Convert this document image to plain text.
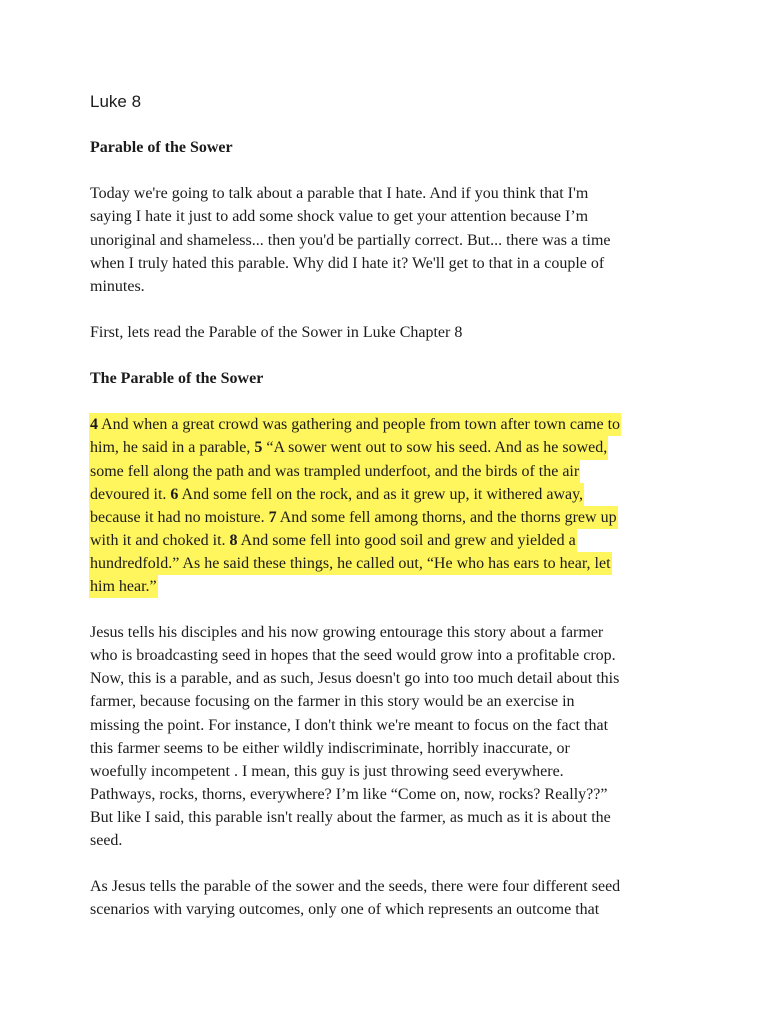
Luke 8
Parable of the Sower
Today we're going to talk about a parable that I hate. And if you think that I'm
saying I hate it just to add some shock value to get your attention because I’m
unoriginal and shameless... then you'd be partially correct. But... there was a time
when I truly hated this parable. Why did I hate it? We'll get to that in a couple of
minutes.
First, lets read the Parable of the Sower in Luke Chapter 8
The Parable of the Sower
4 And when a great crowd was gathering and people from town after town came to
him, he said in a parable, 5 “A sower went out to sow his seed. And as he sowed,
some fell along the path and was trampled underfoot, and the birds of the air
devoured it. 6 And some fell on the rock, and as it grew up, it withered away,
because it had no moisture. 7 And some fell among thorns, and the thorns grew up
with it and choked it. 8 And some fell into good soil and grew and yielded a
hundredfold.” As he said these things, he called out, “He who has ears to hear, let
him hear.”
Jesus tells his disciples and his now growing entourage this story about a farmer
who is broadcasting seed in hopes that the seed would grow into a profitable crop.
Now, this is a parable, and as such, Jesus doesn't go into too much detail about this
farmer, because focusing on the farmer in this story would be an exercise in
missing the point. For instance, I don't think we're meant to focus on the fact that
this farmer seems to be either wildly indiscriminate, horribly inaccurate, or
woefully incompetent . I mean, this guy is just throwing seed everywhere.
Pathways, rocks, thorns, everywhere? I’m like “Come on, now, rocks? Really??”
But like I said, this parable isn't really about the farmer, as much as it is about the
seed.
As Jesus tells the parable of the sower and the seeds, there were four different seed
scenarios with varying outcomes, only one of which represents an outcome that
